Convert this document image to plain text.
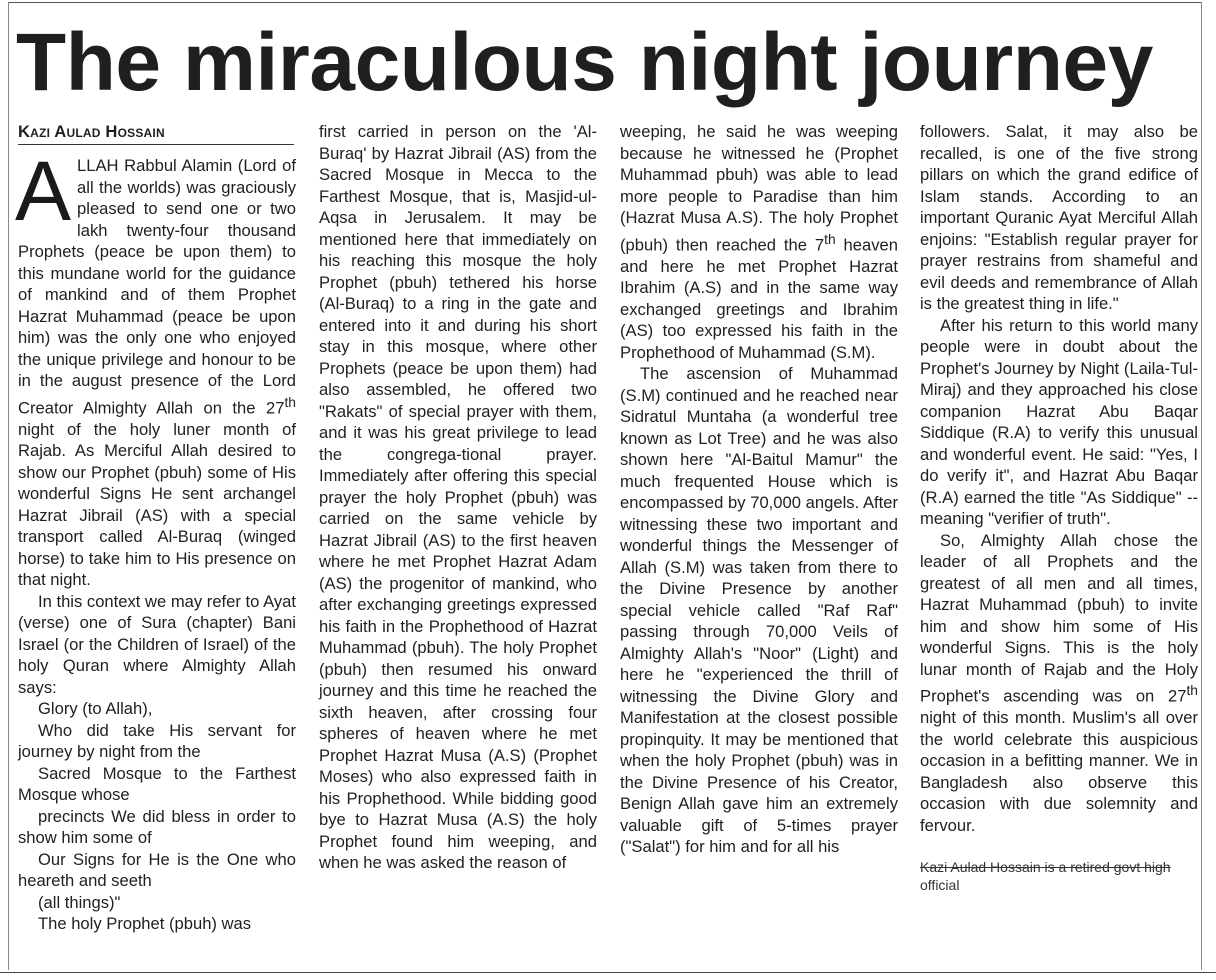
The miraculous night journey
Kazi Aulad Hossain

ALLAH Rabbul Alamin (Lord of all the worlds) was graciously pleased to send one or two lakh twenty-four thousand Prophets (peace be upon them) to this mundane world for the guidance of mankind and of them Prophet Hazrat Muhammad (peace be upon him) was the only one who enjoyed the unique privilege and honour to be in the august presence of the Lord Creator Almighty Allah on the 27th night of the holy luner month of Rajab. As Merciful Allah desired to show our Prophet (pbuh) some of His wonderful Signs He sent archangel Hazrat Jibrail (AS) with a special transport called Al-Buraq (winged horse) to take him to His presence on that night.

In this context we may refer to Ayat (verse) one of Sura (chapter) Bani Israel (or the Children of Israel) of the holy Quran where Almighty Allah says:

Glory (to Allah),

Who did take His servant for journey by night from the

Sacred Mosque to the Farthest Mosque whose

precincts We did bless in order to show him some of

Our Signs for He is the One who heareth and seeth

(all things)"

The holy Prophet (pbuh) was

first carried in person on the 'Al-Buraq' by Hazrat Jibrail (AS) from the Sacred Mosque in Mecca to the Farthest Mosque, that is, Masjid-ul-Aqsa in Jerusalem. It may be mentioned here that immediately on his reaching this mosque the holy Prophet (pbuh) tethered his horse (Al-Buraq) to a ring in the gate and entered into it and during his short stay in this mosque, where other Prophets (peace be upon them) had also assembled, he offered two "Rakats" of special prayer with them, and it was his great privilege to lead the congrega-tional prayer. Immediately after offering this special prayer the holy Prophet (pbuh) was carried on the same vehicle by Hazrat Jibrail (AS) to the first heaven where he met Prophet Hazrat Adam (AS) the progenitor of mankind, who after exchanging greetings expressed his faith in the Prophethood of Hazrat Muhammad (pbuh). The holy Prophet (pbuh) then resumed his onward journey and this time he reached the sixth heaven, after crossing four spheres of heaven where he met Prophet Hazrat Musa (A.S) (Prophet Moses) who also expressed faith in his Prophethood. While bidding good bye to Hazrat Musa (A.S) the holy Prophet found him weeping, and when he was asked the reason of

weeping, he said he was weeping because he witnessed he (Prophet Muhammad pbuh) was able to lead more people to Paradise than him (Hazrat Musa A.S). The holy Prophet (pbuh) then reached the 7th heaven and here he met Prophet Hazrat Ibrahim (A.S) and in the same way exchanged greetings and Ibrahim (AS) too expressed his faith in the Prophethood of Muhammad (S.M).

The ascension of Muhammad (S.M) continued and he reached near Sidratul Muntaha (a wonderful tree known as Lot Tree) and he was also shown here "Al-Baitul Mamur" the much frequented House which is encompassed by 70,000 angels. After witnessing these two important and wonderful things the Messenger of Allah (S.M) was taken from there to the Divine Presence by another special vehicle called "Raf Raf" passing through 70,000 Veils of Almighty Allah's "Noor" (Light) and here he "experienced the thrill of witnessing the Divine Glory and Manifestation at the closest possible propinquity. It may be mentioned that when the holy Prophet (pbuh) was in the Divine Presence of his Creator, Benign Allah gave him an extremely valuable gift of 5-times prayer ("Salat") for him and for all his

followers. Salat, it may also be recalled, is one of the five strong pillars on which the grand edifice of Islam stands. According to an important Quranic Ayat Merciful Allah enjoins: "Establish regular prayer for prayer restrains from shameful and evil deeds and remembrance of Allah is the greatest thing in life."

After his return to this world many people were in doubt about the Prophet's Journey by Night (Laila-Tul-Miraj) and they approached his close companion Hazrat Abu Baqar Siddique (R.A) to verify this unusual and wonderful event. He said: "Yes, I do verify it", and Hazrat Abu Baqar (R.A) earned the title "As Siddique" -- meaning "verifier of truth".

So, Almighty Allah chose the leader of all Prophets and the greatest of all men and all times, Hazrat Muhammad (pbuh) to invite him and show him some of His wonderful Signs. This is the holy lunar month of Rajab and the Holy Prophet's ascending was on 27th night of this month. Muslim's all over the world celebrate this auspicious occasion in a befitting manner. We in Bangladesh also observe this occasion with due solemnity and fervour.

Kazi Aulad Hossain is a retired govt high
official
